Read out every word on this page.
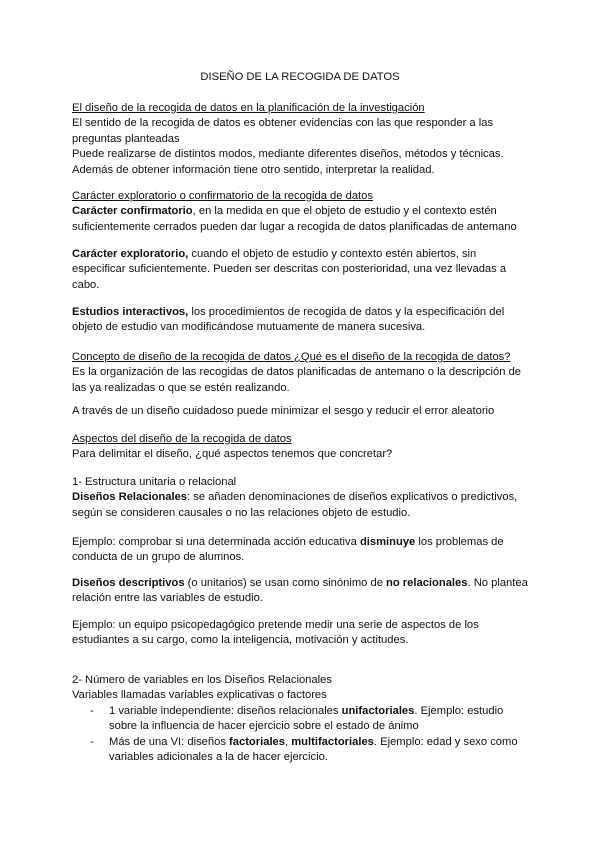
DISEÑO DE LA RECOGIDA DE DATOS

El diseño de la recogida de datos en la planificación de la investigación

El sentido de la recogida de datos es obtener evidencias con las que responder a las preguntas planteadas

Puede realizarse de distintos modos, mediante diferentes diseños, métodos y técnicas.

Además de obtener información tiene otro sentido, interpretar la realidad.

Carácter exploratorio o confirmatorio de la recogida de datos

Carácter confirmatorio, en la medida en que el objeto de estudio y el contexto estén suficientemente cerrados pueden dar lugar a recogida de datos planificadas de antemano

Carácter exploratorio, cuando el objeto de estudio y contexto estén abiertos, sin especificar suficientemente. Pueden ser descritas con posterioridad, una vez llevadas a cabo.

Estudios interactivos, los procedimientos de recogida de datos y la especificación del objeto de estudio van modificándose mutuamente de manera sucesiva.

Concepto de diseño de la recogida de datos ¿Qué es el diseño de la recogida de datos?

Es la organización de las recogidas de datos planificadas de antemano o la descripción de las ya realizadas o que se estén realizando.

A través de un diseño cuidadoso puede minimizar el sesgo y reducir el error aleatorio

Aspectos del diseño de la recogida de datos

Para delimitar el diseño, ¿qué aspectos tenemos que concretar?

1- Estructura unitaria o relacional

Diseños Relacionales: se añaden denominaciones de diseños explicativos o predictivos, según se consideren causales o no las relaciones objeto de estudio.

Ejemplo: comprobar si una determinada acción educativa disminuye los problemas de conducta de un grupo de alumnos.

Diseños descriptivos (o unitarios) se usan como sinónimo de no relacionales. No plantea relación entre las variables de estudio.

Ejemplo: un equipo psicopedagógico pretende medir una serie de aspectos de los estudiantes a su cargo, como la inteligencia, motivación y actitudes.

2- Número de variables en los Diseños Relacionales

Variables llamadas variables explicativas o factores

- 1 variable independiente: diseños relacionales unifactoriales. Ejemplo: estudio sobre la influencia de hacer ejercicio sobre el estado de ánimo
- Más de una VI: diseños factoriales, multifactoriales. Ejemplo: edad y sexo como variables adicionales a la de hacer ejercicio.
